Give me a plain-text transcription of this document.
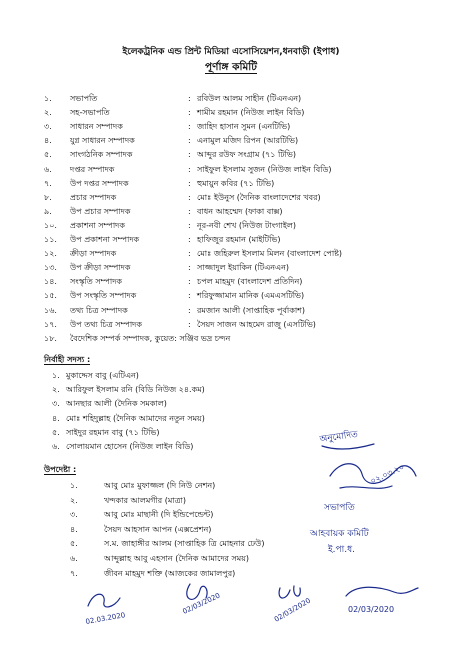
ইলেকট্রনিক এন্ড প্রিন্ট মিডিয়া এসোসিয়েশন,ধনবাড়ী (ইপাধ)
পূর্ণাঙ্গ কমিটি
১. সভাপতি	: রবিউল আলম সাহীন (টিএনএন)
২. সহ-সভাপতি	: শামীম রহমান (নিউজ লাইন বিডি)
৩. সাধারন সম্পাদক	: জাহিদ হাসান সুমন (এনটিভি)
৪. যুগ্ন সাধারন সম্পাদক	: এনামুল মজিদ রিপন (আরটিভি)
৫. সাংগঠনিক সম্পাদক	: আব্দুর রউফ সংগ্রাম (৭১ টিভি)
৬. দপ্তর সম্পাদক	: সাইফুল ইসলাম সুজন (নিউজ লাইন বিডি)
৭. উপ দপ্তর সম্পাদক	: হুমায়ুন কবির (৭১ টিভি)
৮. প্রচার সম্পাদক	: মোঃ ইউনুস (দৈনিক বাংলাদেশের খবর)
৯. উপ প্রচার সম্পাদক	: বাধন আহম্মেদ (ফাকা বাক্স)
১০. প্রকাশনা সম্পাদক	: নূর-নবী শেখ (নিউজ টাংগাইল)
১১. উপ প্রকাশনা সম্পাদক	: হাফিজুর রহমান (মাইটিভি)
১২. ক্রীড়া সম্পাদক	: মোঃ জহিরুল ইসলাম মিলন (বাংলাদেশ পোষ্ট)
১৩. উপ ক্রীড়া সম্পাদক	: সাজ্জাদুল ইয়াকিন (টিএনএন)
১৪. সংস্কৃতি সম্পাদক	: চপল মাহমুদ (বাংলাদেশ প্রতিদিন)
১৫. উপ সংস্কৃতি সম্পাদক	: শরিফুজ্জামান মানিক (এমএসটিভি)
১৬. তথ্য চিত্র সম্পাদক	: রমজান আলী (সাপ্তাহিক পূর্বাকাশ)
১৭. উপ তথ্য চিত্র সম্পাদক	: সৈয়দ সাজন আহমেদ রাজু (এসটিভি)
১৮. বৈদেশিক সম্পর্ক সম্পাদক, কুয়েত: সঞ্জিব ভদ্র চন্দন
নির্বাহী সদস্য :
১. মুকাদ্দেস বাবু (এটিএন)
২. আরিফুল ইসলাম রনি (বিডি নিউজ ২৪.কম)
৩. আনছার আলী (দৈনিক সমকাল)
৪. মোঃ শহিদুল্লাহ (দৈনিক আমাদের নতুন সময়)
৫. সাইদুর রহমান বাবু (৭১ টিভি)
৬. সোলায়মান হোসেন (নিউজ লাইন বিডি)
উপদেষ্টা :
১.	আবু মোঃ মুফাজ্জল (দি নিউ নেশন)
২.	খন্দকার আলমগীর (মাত্রা)
৩.	আবু মোঃ মাছানী (দি ইন্ডিপেন্ডেন্ট)
৪.	সৈয়দ আহসান আপন (এক্সপ্রেশন)
৫.	স.ম. জাহাঙ্গীর আলম (সাপ্তাহিক ত্রি মোহনার ঢেউ)
৬.	আব্দুল্লাহ আবু এহসান (দৈনিক আমাদের সময়)
৭.	জীবন মাহমুদ শক্তি (আজকের জামালপুর)
অনুমোদিত
০২.০৩.২০
সভাপতি
আহবায়ক কমিটি
ই.পা.ধ.
02.03.2020
02/03/2020	02/03/2020	02/03/2020
